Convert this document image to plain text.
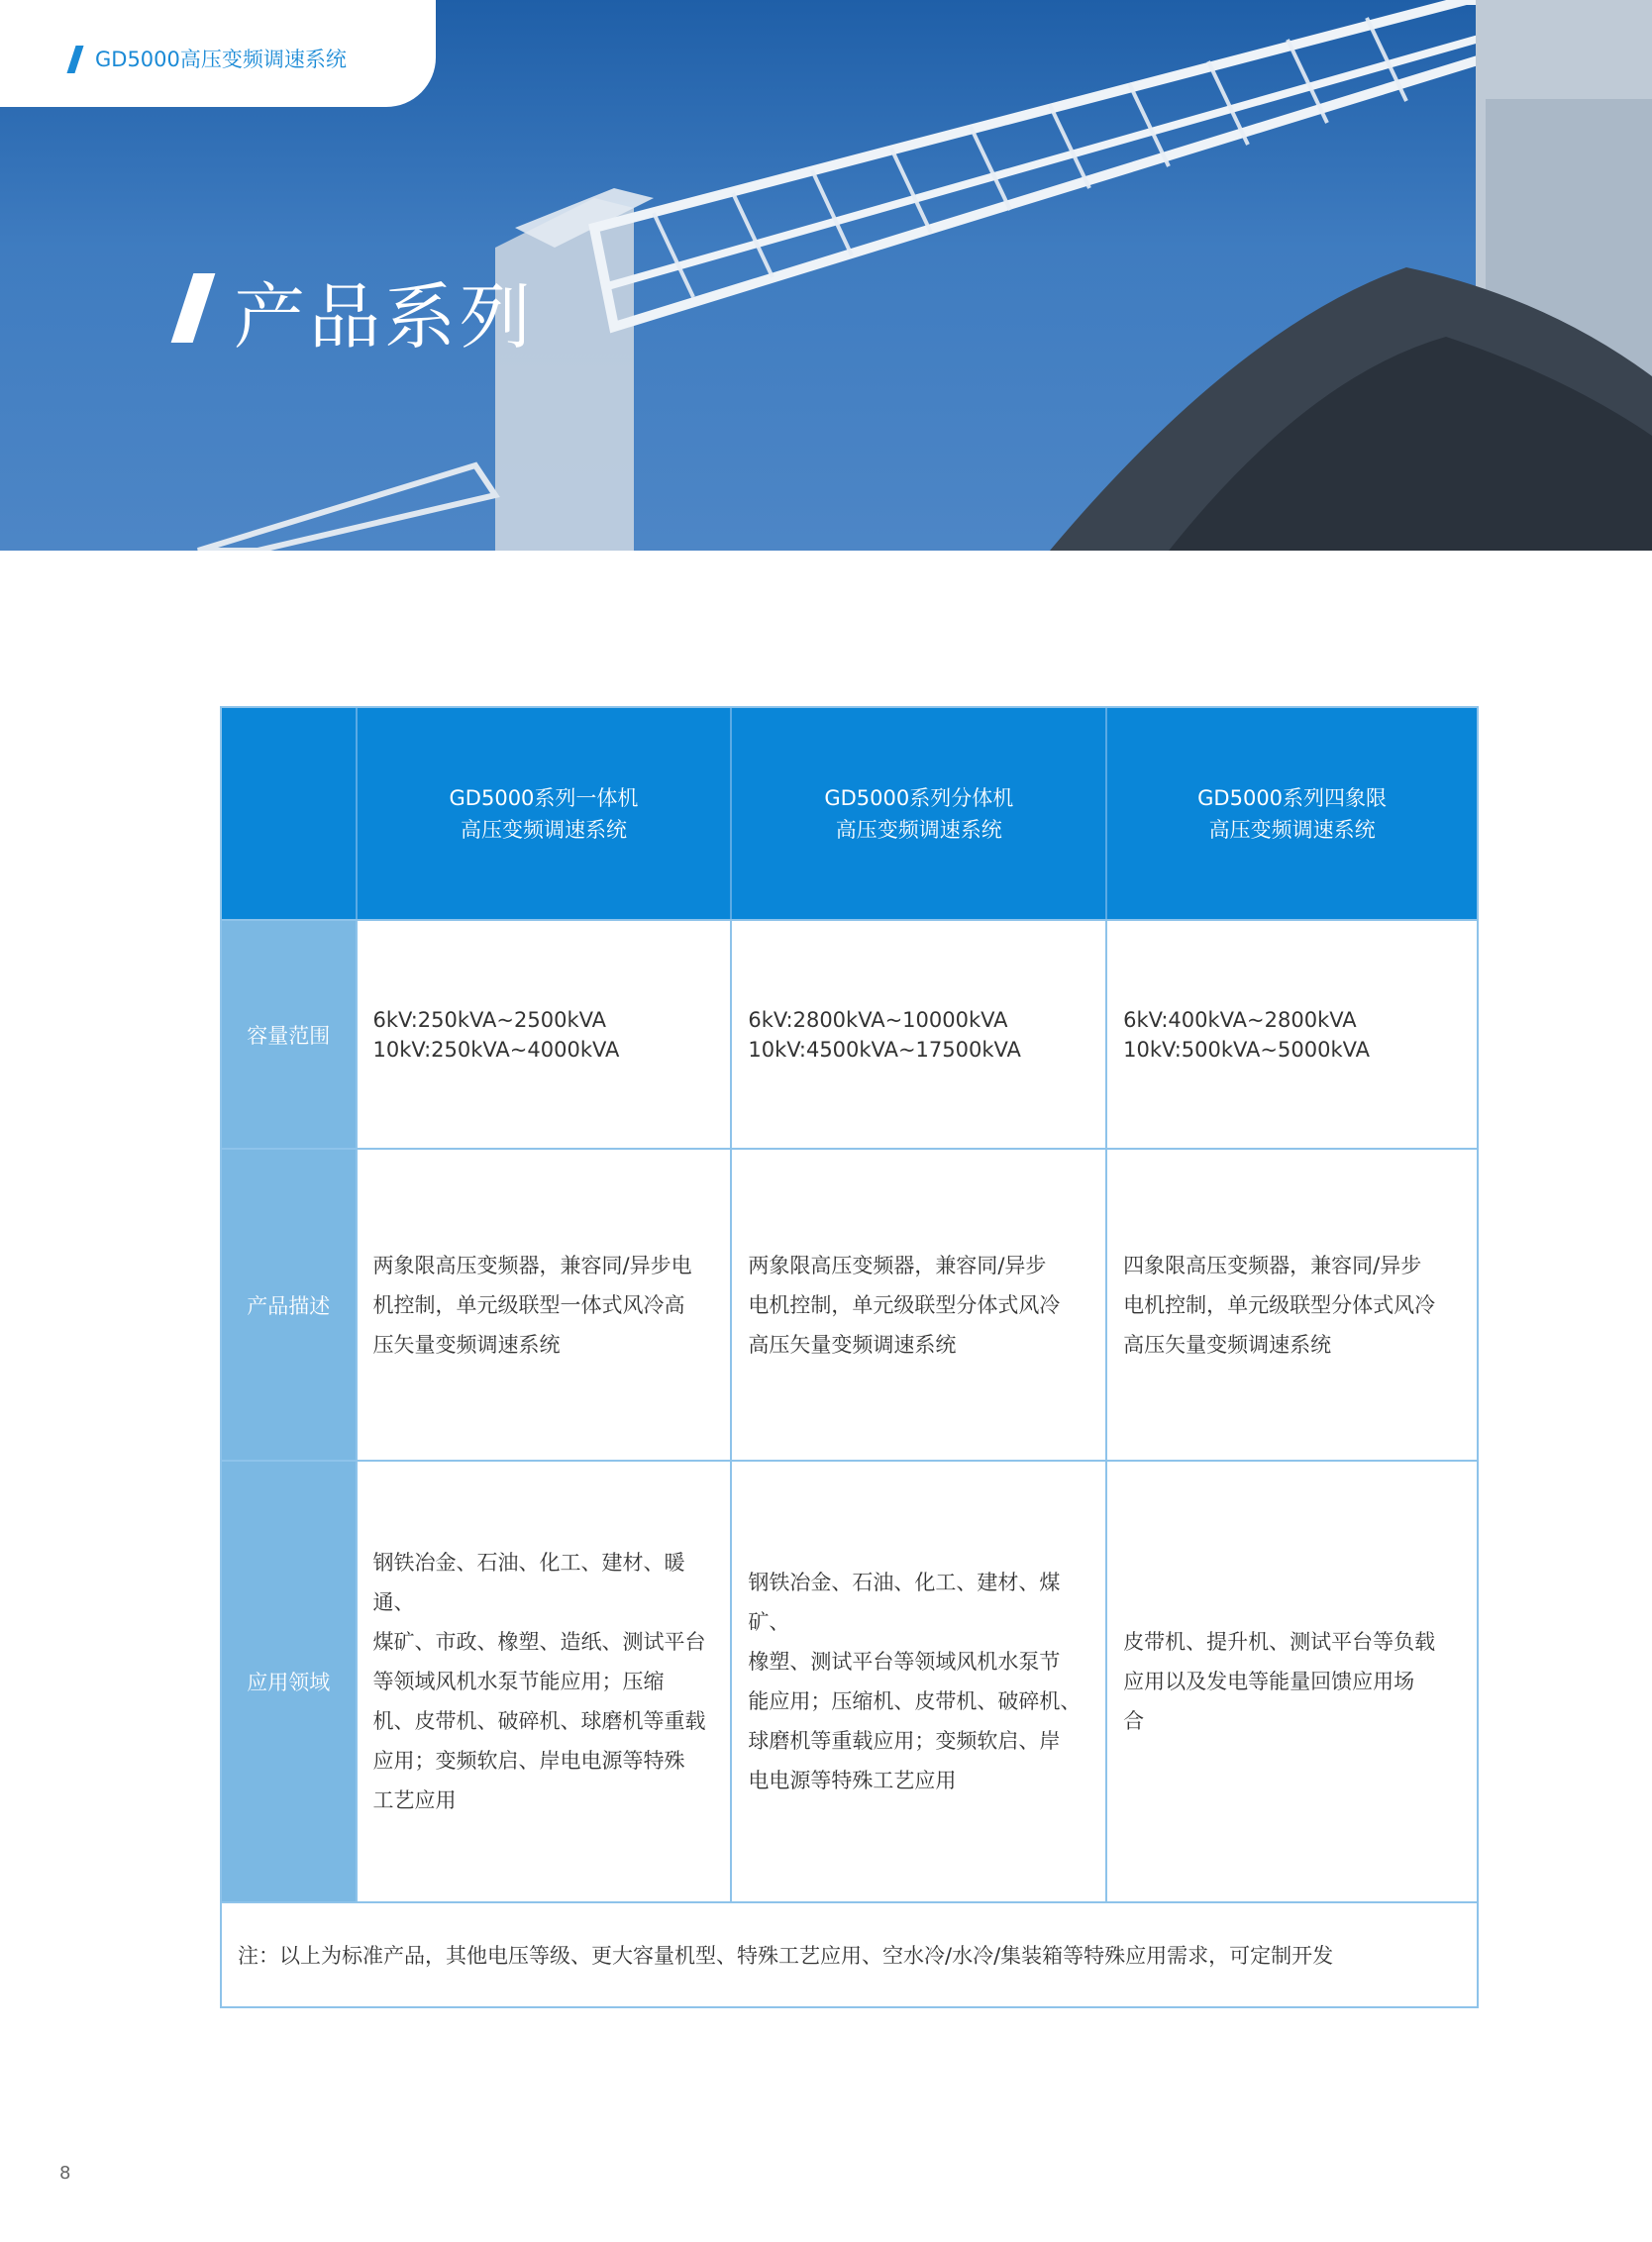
GD5000高压变频调速系统
产品系列
GD5000系列一体机
高压变频调速系统
GD5000系列分体机
高压变频调速系统
GD5000系列四象限
高压变频调速系统
容量范围
6kV:250kVA~2500kVA
10kV:250kVA~4000kVA
6kV:2800kVA~10000kVA
10kV:4500kVA~17500kVA
6kV:400kVA~2800kVA
10kV:500kVA~5000kVA
产品描述
两象限高压变频器，兼容同/异步电
机控制，单元级联型一体式风冷高
压矢量变频调速系统
两象限高压变频器，兼容同/异步
电机控制，单元级联型分体式风冷
高压矢量变频调速系统
四象限高压变频器，兼容同/异步
电机控制，单元级联型分体式风冷
高压矢量变频调速系统
应用领域
钢铁冶金、石油、化工、建材、暖通、
煤矿、市政、橡塑、造纸、测试平台
等领域风机水泵节能应用；压缩
机、皮带机、破碎机、球磨机等重载
应用；变频软启、岸电电源等特殊
工艺应用
钢铁冶金、石油、化工、建材、煤矿、
橡塑、测试平台等领域风机水泵节
能应用；压缩机、皮带机、破碎机、
球磨机等重载应用；变频软启、岸
电电源等特殊工艺应用
皮带机、提升机、测试平台等负载
应用以及发电等能量回馈应用场
合
注：以上为标准产品，其他电压等级、更大容量机型、特殊工艺应用、空水冷/水冷/集装箱等特殊应用需求，可定制开发
8
